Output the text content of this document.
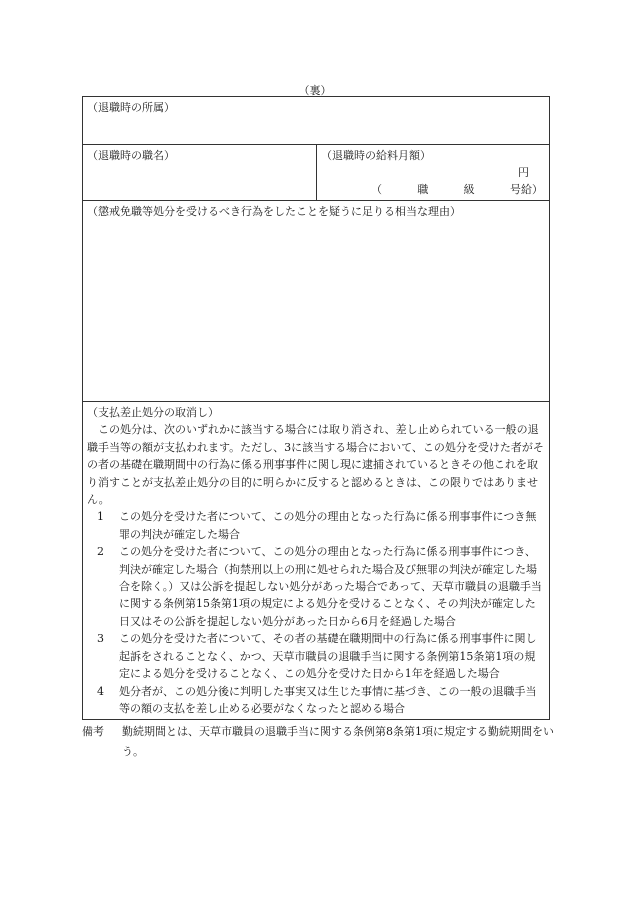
（裏）
（退職時の所属）
（退職時の職名）	（退職時の給料月額）
円
（	職	級	号給）

（懲戒免職等処分を受けるべき行為をしたことを疑うに足りる相当な理由）

（支払差止処分の取消し）

この処分は、次のいずれかに該当する場合には取り消され、差し止められている一般の退職手当等の額が支払われます。ただし、3に該当する場合において、この処分を受けた者がその者の基礎在職期間中の行為に係る刑事事件に関し現に逮捕されているときその他これを取り消すことが支払差止処分の目的に明らかに反すると認めるときは、この限りではありません。

1	この処分を受けた者について、この処分の理由となった行為に係る刑事事件につき無罪の判決が確定した場合
2	この処分を受けた者について、この処分の理由となった行為に係る刑事事件につき、判決が確定した場合（拘禁刑以上の刑に処せられた場合及び無罪の判決が確定した場合を除く。）又は公訴を提起しない処分があった場合であって、天草市職員の退職手当に関する条例第15条第1項の規定による処分を受けることなく、その判決が確定した日又はその公訴を提起しない処分があった日から6月を経過した場合
3	この処分を受けた者について、その者の基礎在職期間中の行為に係る刑事事件に関し起訴をされることなく、かつ、天草市職員の退職手当に関する条例第15条第1項の規定による処分を受けることなく、この処分を受けた日から1年を経過した場合
4	処分者が、この処分後に判明した事実又は生じた事情に基づき、この一般の退職手当等の額の支払を差し止める必要がなくなったと認める場合
備考	勤続期間とは、天草市職員の退職手当に関する条例第8条第1項に規定する勤続期間をいう。
